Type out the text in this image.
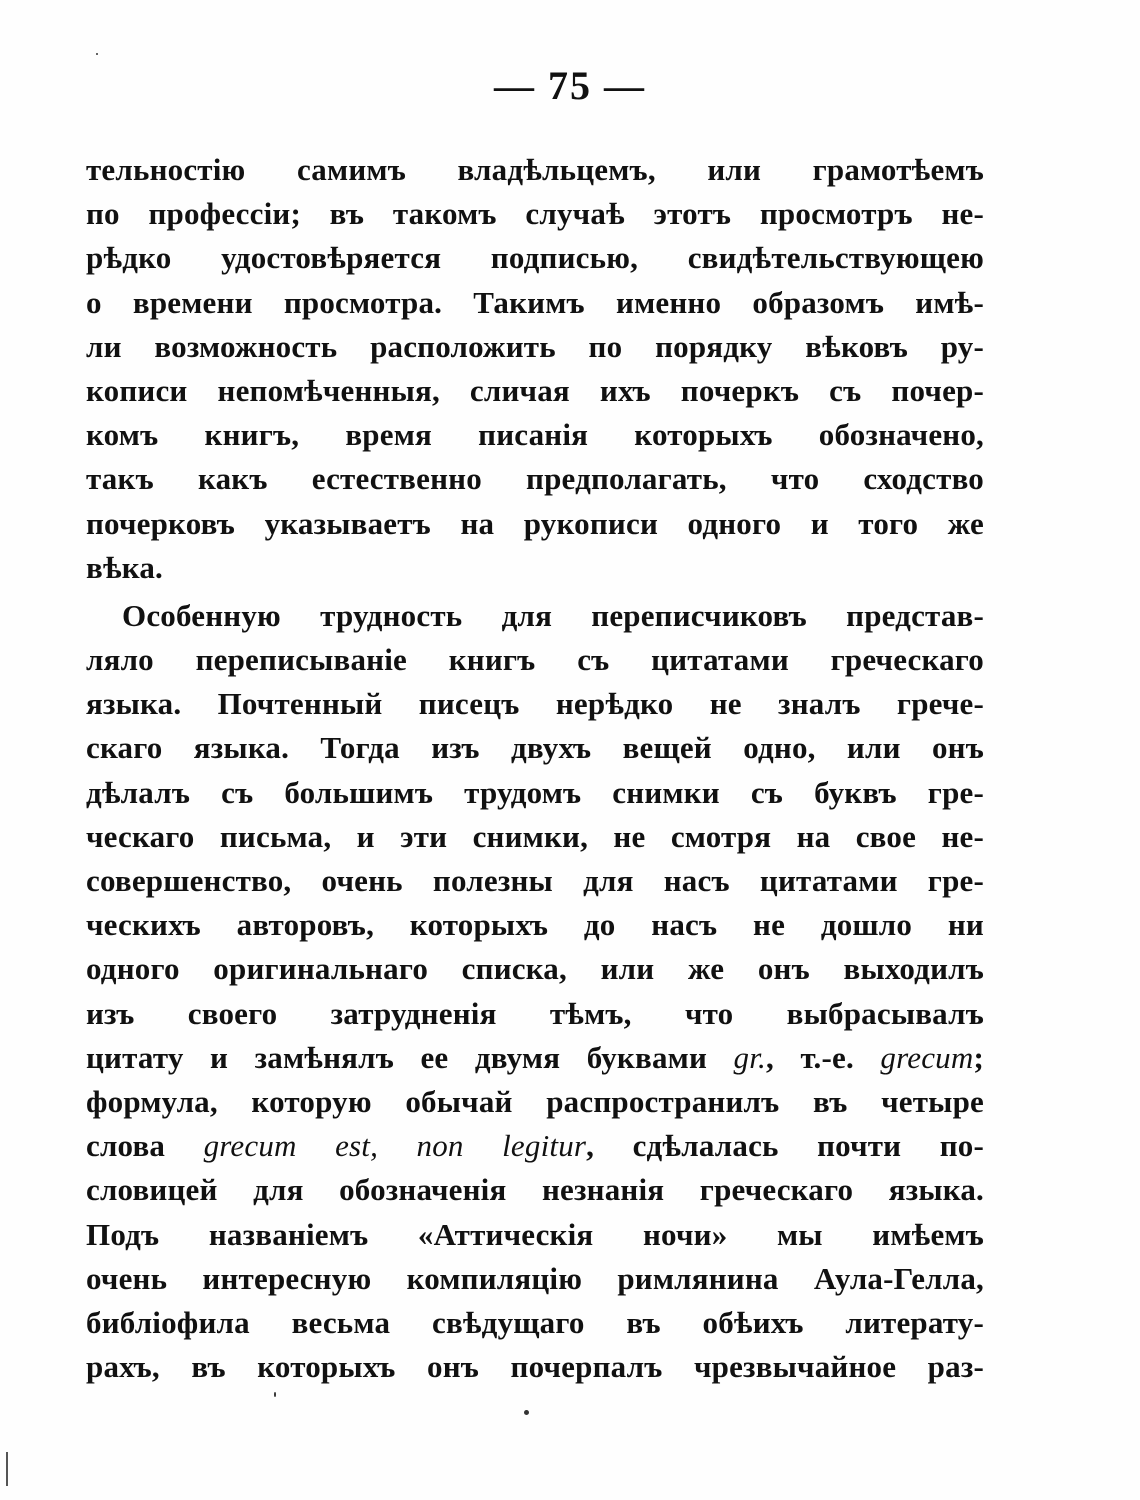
— 75 —
тельностію самимъ владѣльцемъ, или грамотѣемъ
по профессіи; въ такомъ случаѣ этотъ просмотръ не-
рѣдко удостовѣряется подписью, свидѣтельствующею
о времени просмотра. Такимъ именно образомъ имѣ-
ли возможность расположить по порядку вѣковъ ру-
кописи непомѣченныя, сличая ихъ почеркъ съ почер-
комъ книгъ, время писанія которыхъ обозначено,
такъ какъ естественно предполагать, что сходство
почерковъ указываетъ на рукописи одного и того же
вѣка.
Особенную трудность для переписчиковъ представ-
ляло переписываніе книгъ съ цитатами греческаго
языка. Почтенный писецъ нерѣдко не зналъ грече-
скаго языка. Тогда изъ двухъ вещей одно, или онъ
дѣлалъ съ большимъ трудомъ снимки съ буквъ гре-
ческаго письма, и эти снимки, не смотря на свое не-
совершенство, очень полезны для насъ цитатами гре-
ческихъ авторовъ, которыхъ до насъ не дошло ни
одного оригинальнаго списка, или же онъ выходилъ
изъ своего затрудненія тѣмъ, что выбрасывалъ
цитату и замѣнялъ ее двумя буквами gr., т.-е. grecum;
формула, которую обычай распространилъ въ четыре
слова grecum est, non legitur, сдѣлалась почти по-
словицей для обозначенія незнанія греческаго языка.
Подъ названіемъ «Аттическія ночи» мы имѣемъ
очень интересную компиляцію римлянина Аула-Гелла,
библіофила весьма свѣдущаго въ обѣихъ литерату-
рахъ, въ которыхъ онъ почерпалъ чрезвычайное раз-
